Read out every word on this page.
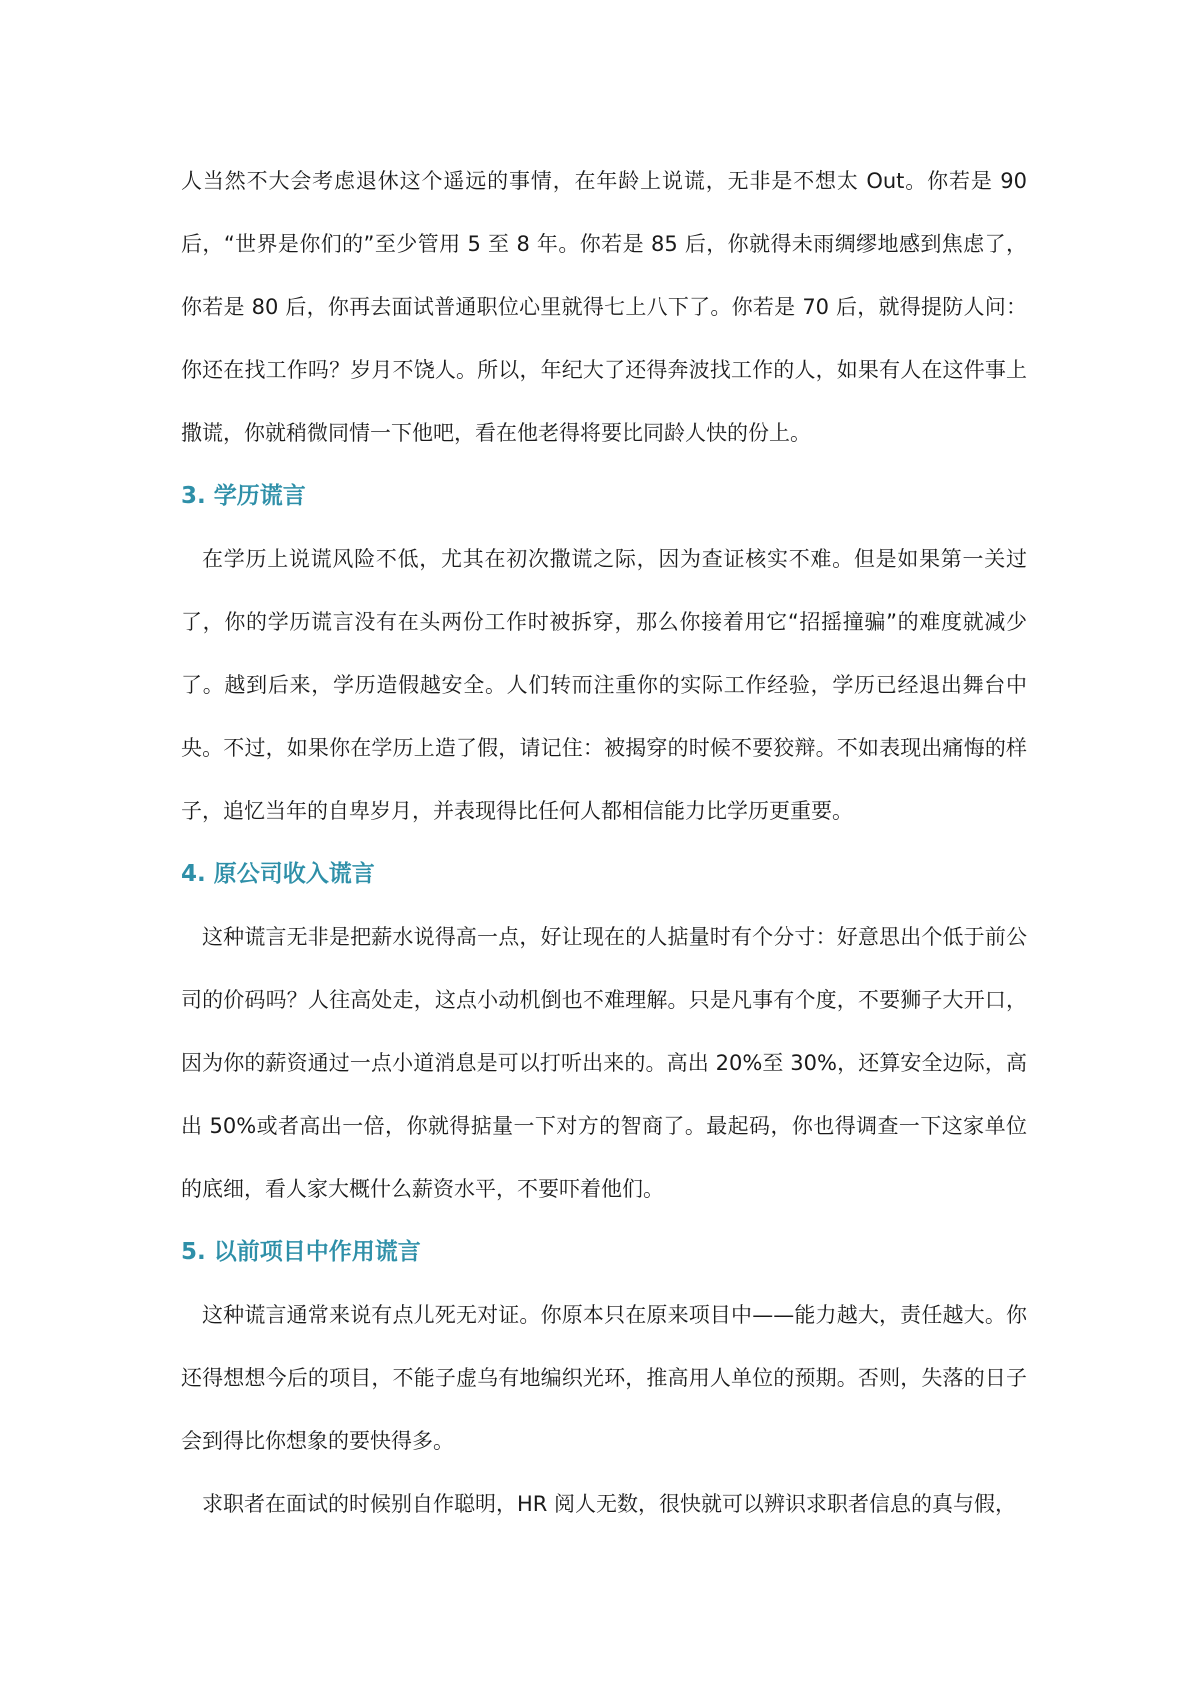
人当然不大会考虑退休这个遥远的事情，在年龄上说谎，无非是不想太 Out。你若是 90 后，“世界是你们的”至少管用 5 至 8 年。你若是 85 后，你就得未雨绸缪地感到焦虑了，你若是 80 后，你再去面试普通职位心里就得七上八下了。你若是 70 后，就得提防人问：你还在找工作吗？岁月不饶人。所以，年纪大了还得奔波找工作的人，如果有人在这件事上撒谎，你就稍微同情一下他吧，看在他老得将要比同龄人快的份上。

3. 学历谎言

在学历上说谎风险不低，尤其在初次撒谎之际，因为查证核实不难。但是如果第一关过了，你的学历谎言没有在头两份工作时被拆穿，那么你接着用它“招摇撞骗”的难度就减少了。越到后来，学历造假越安全。人们转而注重你的实际工作经验，学历已经退出舞台中央。不过，如果你在学历上造了假，请记住：被揭穿的时候不要狡辩。不如表现出痛悔的样子，追忆当年的自卑岁月，并表现得比任何人都相信能力比学历更重要。

4. 原公司收入谎言

这种谎言无非是把薪水说得高一点，好让现在的人掂量时有个分寸：好意思出个低于前公司的价码吗？人往高处走，这点小动机倒也不难理解。只是凡事有个度，不要狮子大开口，因为你的薪资通过一点小道消息是可以打听出来的。高出 20%至 30%，还算安全边际，高出 50%或者高出一倍，你就得掂量一下对方的智商了。最起码，你也得调查一下这家单位的底细，看人家大概什么薪资水平，不要吓着他们。

5. 以前项目中作用谎言

这种谎言通常来说有点儿死无对证。你原本只在原来项目中——能力越大，责任越大。你还得想想今后的项目，不能子虚乌有地编织光环，推高用人单位的预期。否则，失落的日子会到得比你想象的要快得多。

求职者在面试的时候别自作聪明，HR 阅人无数，很快就可以辨识求职者信息的真与假，
